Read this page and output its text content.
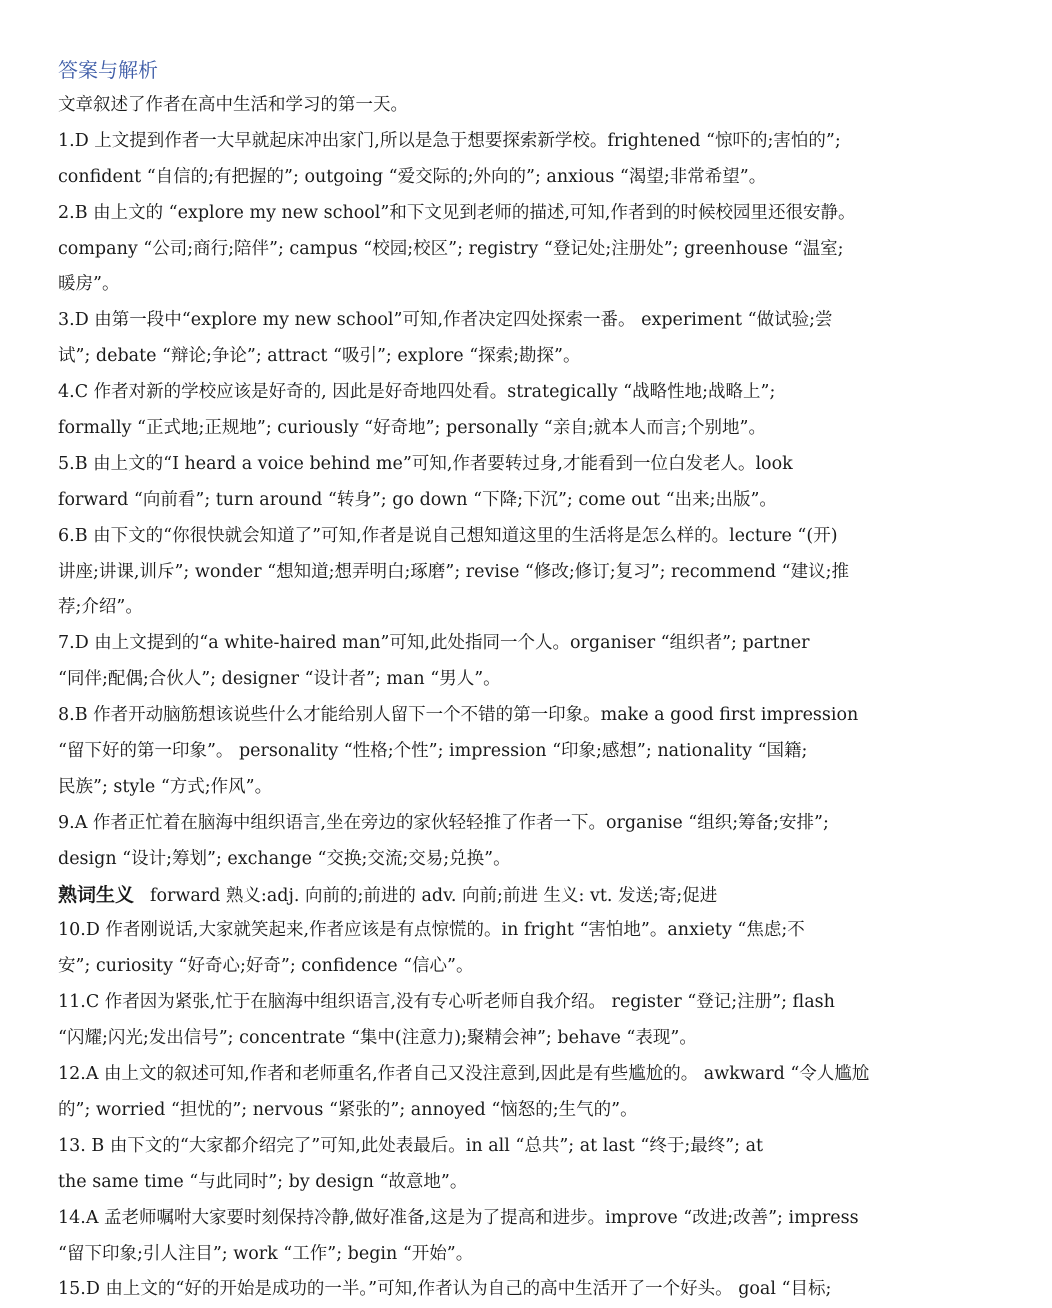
答案与解析
文章叙述了作者在高中生活和学习的第一天。
1.D 上文提到作者一大早就起床冲出家门,所以是急于想要探索新学校。frightened “惊吓的;害怕的”;
confident “自信的;有把握的”; outgoing “爱交际的;外向的”; anxious “渴望;非常希望”。
2.B 由上文的 “explore my new school”和下文见到老师的描述,可知,作者到的时候校园里还很安静。
company “公司;商行;陪伴”; campus “校园;校区”; registry “登记处;注册处”; greenhouse “温室;
暖房”。
3.D 由第一段中“explore my new school”可知,作者决定四处探索一番。 experiment “做试验;尝
试”; debate “辩论;争论”; attract “吸引”; explore “探索;勘探”。
4.C 作者对新的学校应该是好奇的, 因此是好奇地四处看。strategically “战略性地;战略上”;
formally “正式地;正规地”; curiously “好奇地”; personally “亲自;就本人而言;个别地”。
5.B 由上文的“I heard a voice behind me”可知,作者要转过身,才能看到一位白发老人。look
forward “向前看”; turn around “转身”; go down “下降;下沉”; come out “出来;出版”。
6.B 由下文的“你很快就会知道了”可知,作者是说自己想知道这里的生活将是怎么样的。lecture “(开)
讲座;讲课,训斥”; wonder “想知道;想弄明白;琢磨”; revise “修改;修订;复习”; recommend “建议;推
荐;介绍”。
7.D 由上文提到的“a white-haired man”可知,此处指同一个人。organiser “组织者”; partner
“同伴;配偶;合伙人”; designer “设计者”; man “男人”。
8.B 作者开动脑筋想该说些什么才能给别人留下一个不错的第一印象。make a good first impression
“留下好的第一印象”。 personality “性格;个性”; impression “印象;感想”; nationality “国籍;
民族”; style “方式;作风”。
9.A 作者正忙着在脑海中组织语言,坐在旁边的家伙轻轻推了作者一下。organise “组织;筹备;安排”;
design “设计;筹划”; exchange “交换;交流;交易;兑换”。
熟词生义 forward 熟义:adj. 向前的;前进的 adv. 向前;前进 生义: vt. 发送;寄;促进
10.D 作者刚说话,大家就笑起来,作者应该是有点惊慌的。in fright “害怕地”。anxiety “焦虑;不
安”; curiosity “好奇心;好奇”; confidence “信心”。
11.C 作者因为紧张,忙于在脑海中组织语言,没有专心听老师自我介绍。 register “登记;注册”; flash
“闪耀;闪光;发出信号”; concentrate “集中(注意力);聚精会神”; behave “表现”。
12.A 由上文的叙述可知,作者和老师重名,作者自己又没注意到,因此是有些尴尬的。 awkward “令人尴尬
的”; worried “担忧的”; nervous “紧张的”; annoyed “恼怒的;生气的”。
13. B 由下文的“大家都介绍完了”可知,此处表最后。in all “总共”; at last “终于;最终”; at
the same time “与此同时”; by design “故意地”。
14.A 孟老师嘱咐大家要时刻保持冷静,做好准备,这是为了提高和进步。improve “改进;改善”; impress
“留下印象;引人注目”; work “工作”; begin “开始”。
15.D 由上文的“好的开始是成功的一半。”可知,作者认为自己的高中生活开了一个好头。 goal “目标;
